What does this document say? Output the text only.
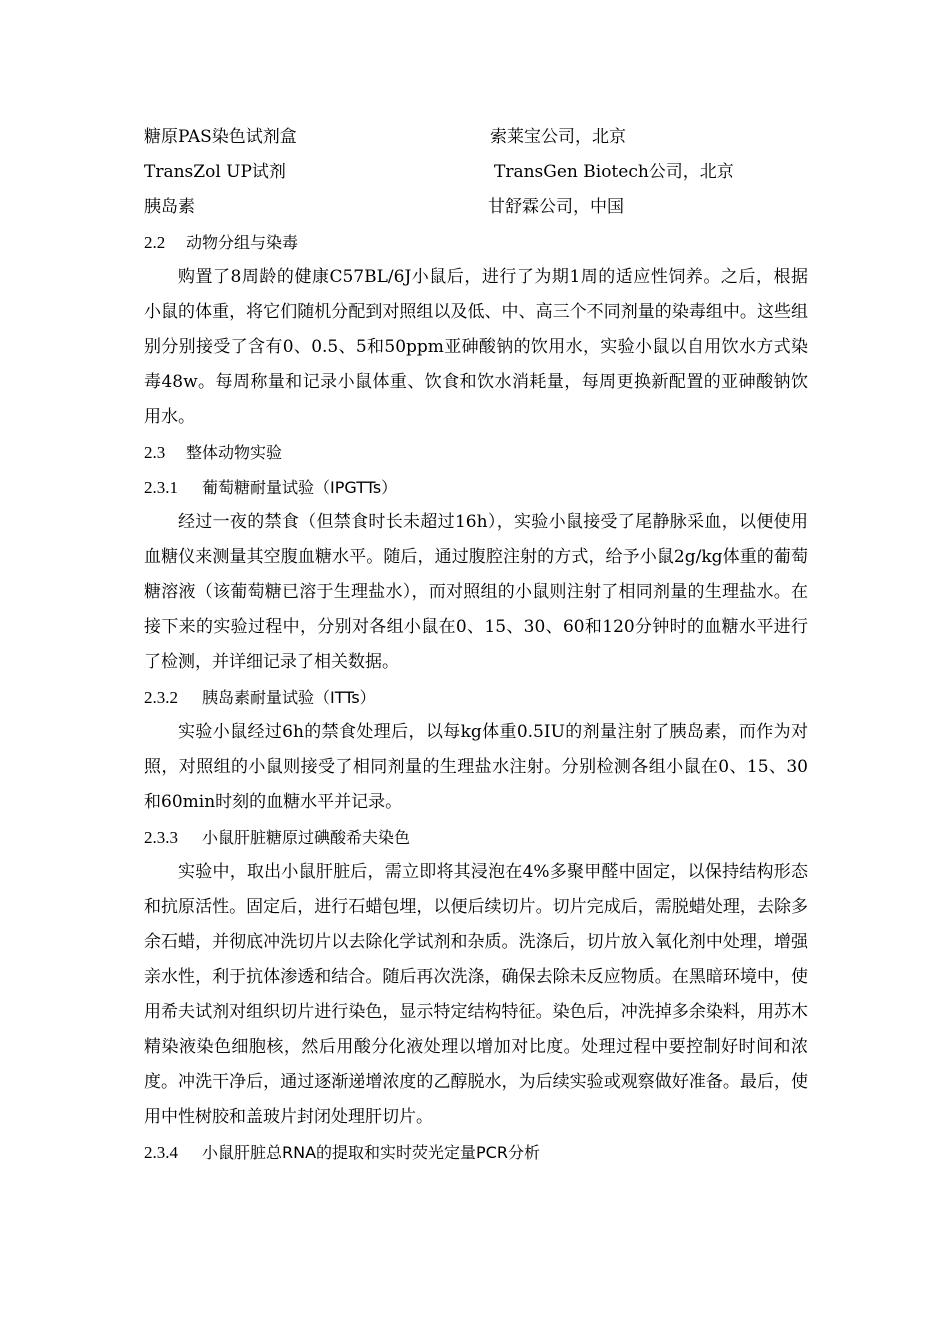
糖原PAS染色试剂盒	索莱宝公司，北京
TransZol UP试剂	TransGen Biotech公司，北京
胰岛素	甘舒霖公司，中国
2.2 动物分组与染毒

购置了8周龄的健康C57BL/6J小鼠后，进行了为期1周的适应性饲养。之后，根据小鼠的体重，将它们随机分配到对照组以及低、中、高三个不同剂量的染毒组中。这些组别分别接受了含有0、0.5、5和50ppm亚砷酸钠的饮用水，实验小鼠以自用饮水方式染毒48w。每周称量和记录小鼠体重、饮食和饮水消耗量，每周更换新配置的亚砷酸钠饮用水。

2.3 整体动物实验
2.3.1 葡萄糖耐量试验（IPGTTs）

经过一夜的禁食（但禁食时长未超过16h），实验小鼠接受了尾静脉采血，以便使用血糖仪来测量其空腹血糖水平。随后，通过腹腔注射的方式，给予小鼠2g/kg体重的葡萄糖溶液（该葡萄糖已溶于生理盐水），而对照组的小鼠则注射了相同剂量的生理盐水。在接下来的实验过程中，分别对各组小鼠在0、15、30、60和120分钟时的血糖水平进行了检测，并详细记录了相关数据。

2.3.2 胰岛素耐量试验（ITTs）

实验小鼠经过6h的禁食处理后，以每kg体重0.5IU的剂量注射了胰岛素，而作为对照，对照组的小鼠则接受了相同剂量的生理盐水注射。分别检测各组小鼠在0、15、30和60min时刻的血糖水平并记录。

2.3.3 小鼠肝脏糖原过碘酸希夫染色

实验中，取出小鼠肝脏后，需立即将其浸泡在4%多聚甲醛中固定，以保持结构形态和抗原活性。固定后，进行石蜡包埋，以便后续切片。切片完成后，需脱蜡处理，去除多余石蜡，并彻底冲洗切片以去除化学试剂和杂质。洗涤后，切片放入氧化剂中处理，增强亲水性，利于抗体渗透和结合。随后再次洗涤，确保去除未反应物质。在黑暗环境中，使用希夫试剂对组织切片进行染色，显示特定结构特征。染色后，冲洗掉多余染料，用苏木精染液染色细胞核，然后用酸分化液处理以增加对比度。处理过程中要控制好时间和浓度。冲洗干净后，通过逐渐递增浓度的乙醇脱水，为后续实验或观察做好准备。最后，使用中性树胶和盖玻片封闭处理肝切片。

2.3.4 小鼠肝脏总RNA的提取和实时荧光定量PCR分析
